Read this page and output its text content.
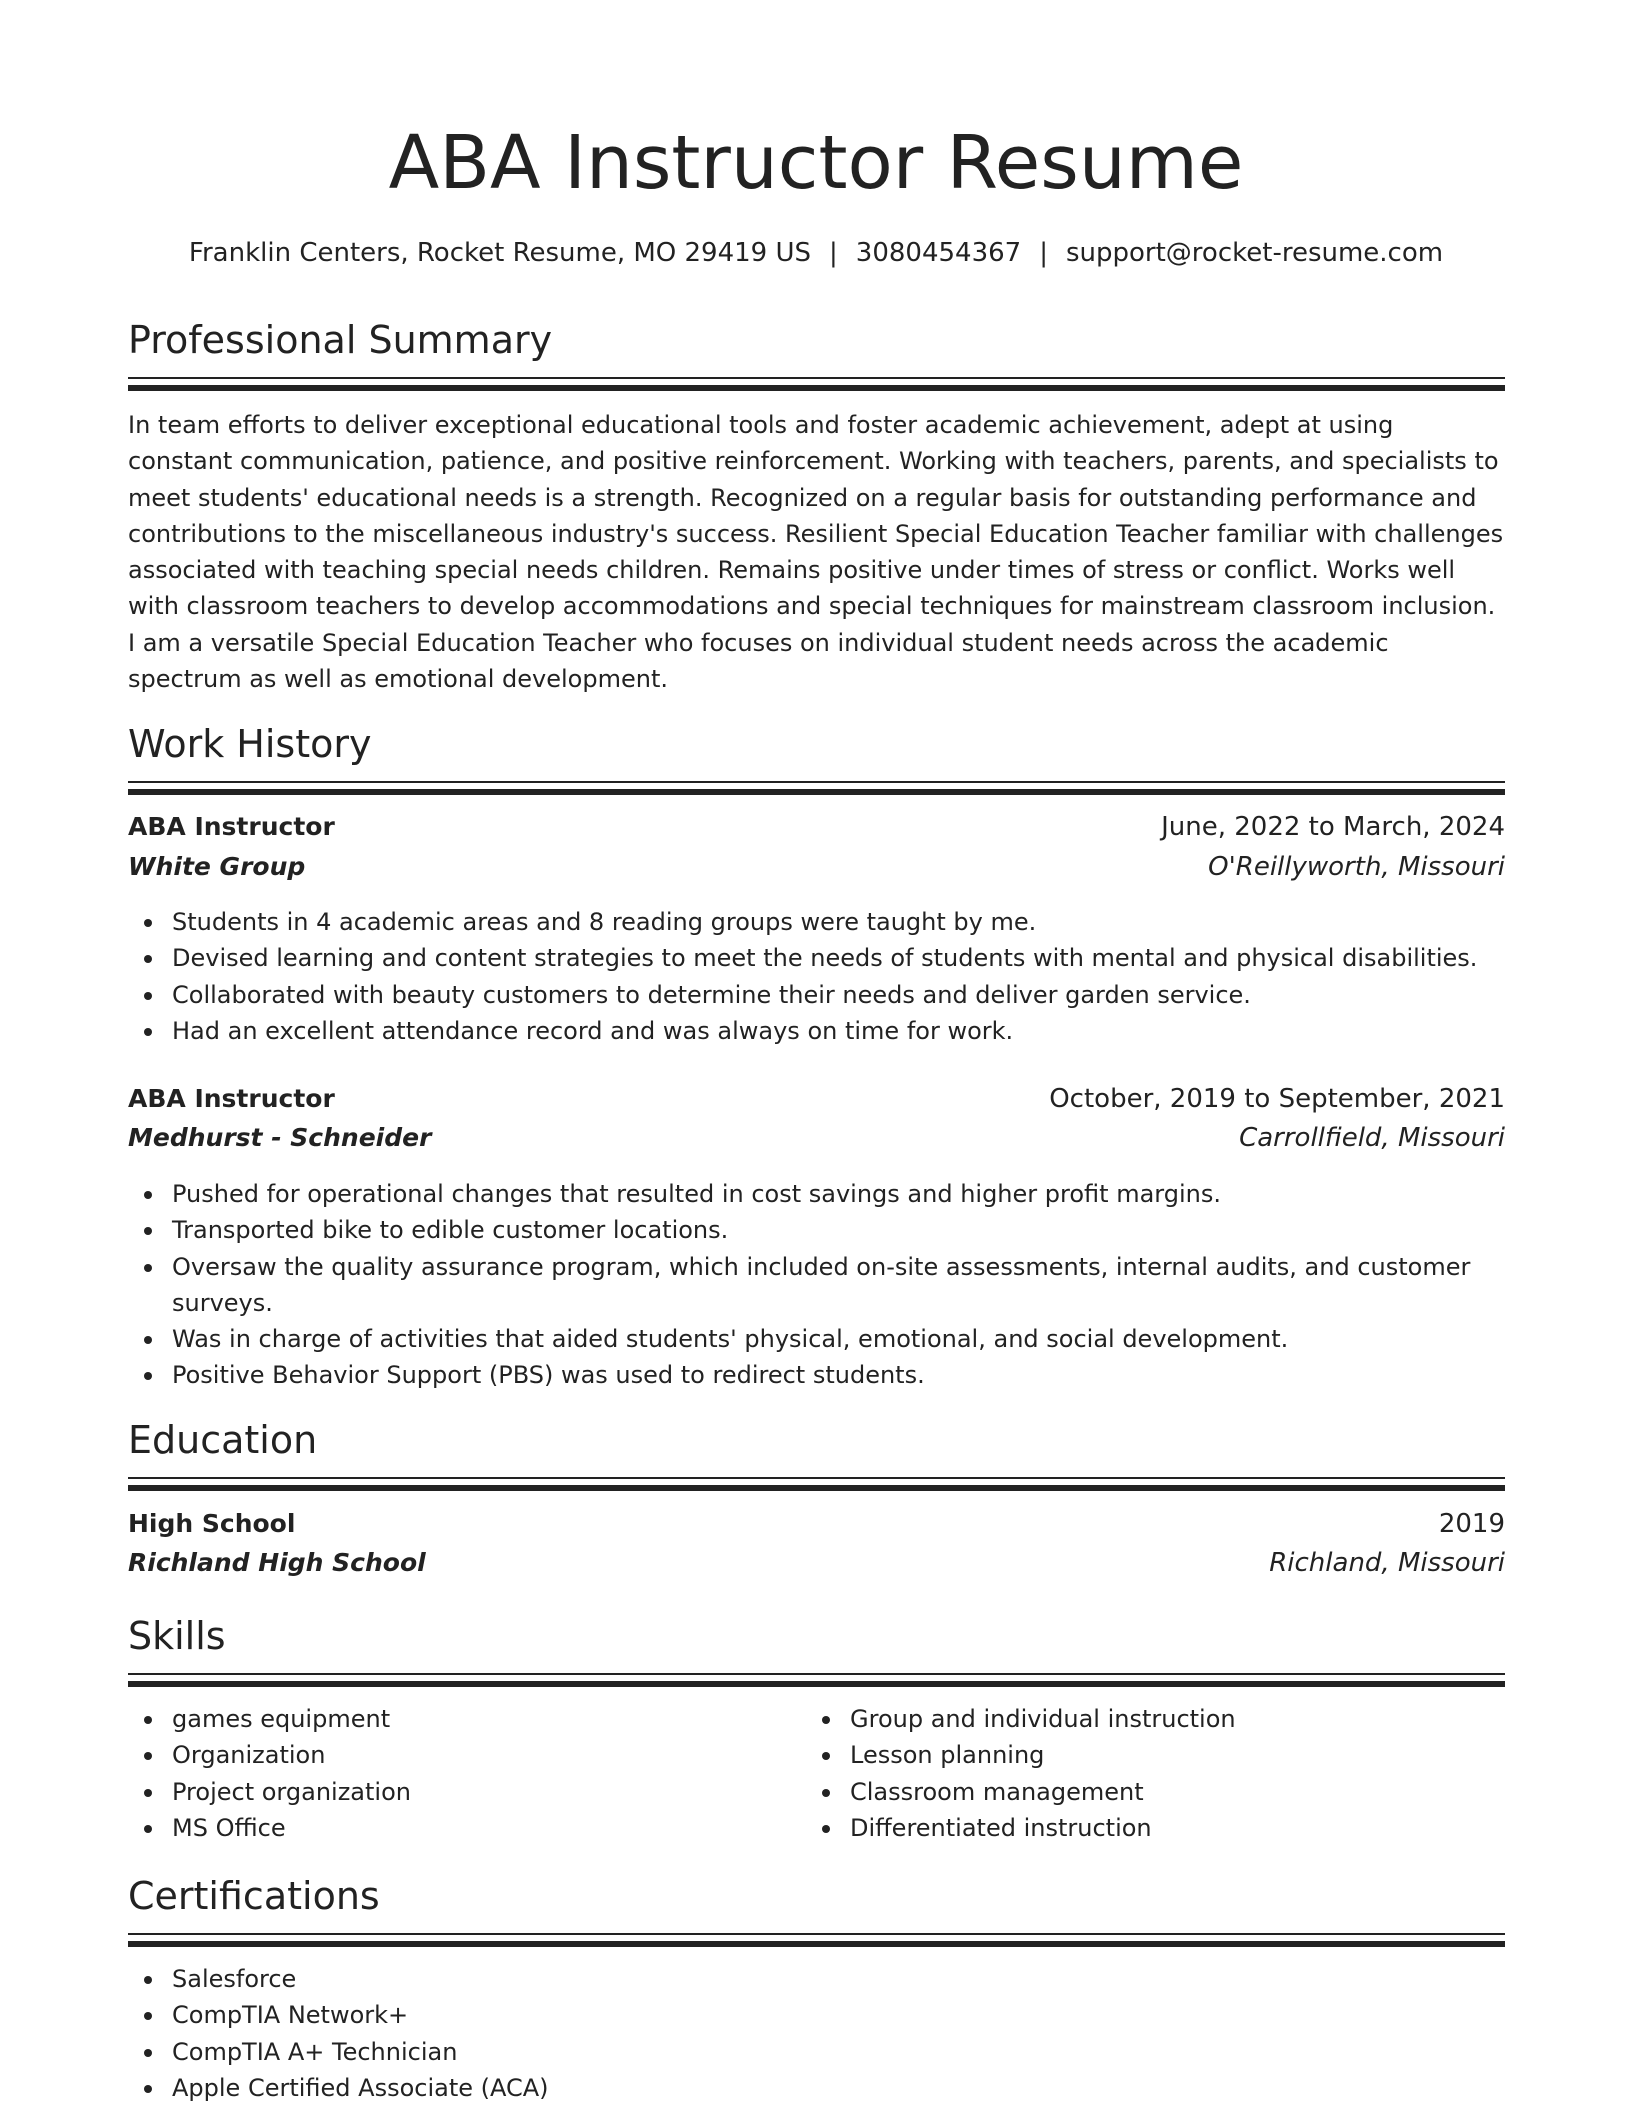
ABA Instructor Resume
Franklin Centers, Rocket Resume, MO 29419 US | 3080454367 | support@rocket-resume.com
Professional Summary

In team efforts to deliver exceptional educational tools and foster academic achievement, adept at using constant communication, patience, and positive reinforcement. Working with teachers, parents, and specialists to meet students' educational needs is a strength. Recognized on a regular basis for outstanding performance and contributions to the miscellaneous industry's success. Resilient Special Education Teacher familiar with challenges associated with teaching special needs children. Remains positive under times of stress or conflict. Works well with classroom teachers to develop accommodations and special techniques for mainstream classroom inclusion. I am a versatile Special Education Teacher who focuses on individual student needs across the academic spectrum as well as emotional development.

Work History
ABA Instructor	June, 2022 to March, 2024
White Group	O'Reillyworth, Missouri
Students in 4 academic areas and 8 reading groups were taught by me.
Devised learning and content strategies to meet the needs of students with mental and physical disabilities.
Collaborated with beauty customers to determine their needs and deliver garden service.
Had an excellent attendance record and was always on time for work.
ABA Instructor	October, 2019 to September, 2021
Medhurst - Schneider	Carrollfield, Missouri
Pushed for operational changes that resulted in cost savings and higher profit margins.
Transported bike to edible customer locations.
Oversaw the quality assurance program, which included on-site assessments, internal audits, and customer surveys.
Was in charge of activities that aided students' physical, emotional, and social development.
Positive Behavior Support (PBS) was used to redirect students.
Education
High School	2019
Richland High School	Richland, Missouri
Skills
games equipment
Organization
Project organization
MS Office
Group and individual instruction
Lesson planning
Classroom management
Differentiated instruction
Certifications
Salesforce
CompTIA Network+
CompTIA A+ Technician
Apple Certified Associate (ACA)
